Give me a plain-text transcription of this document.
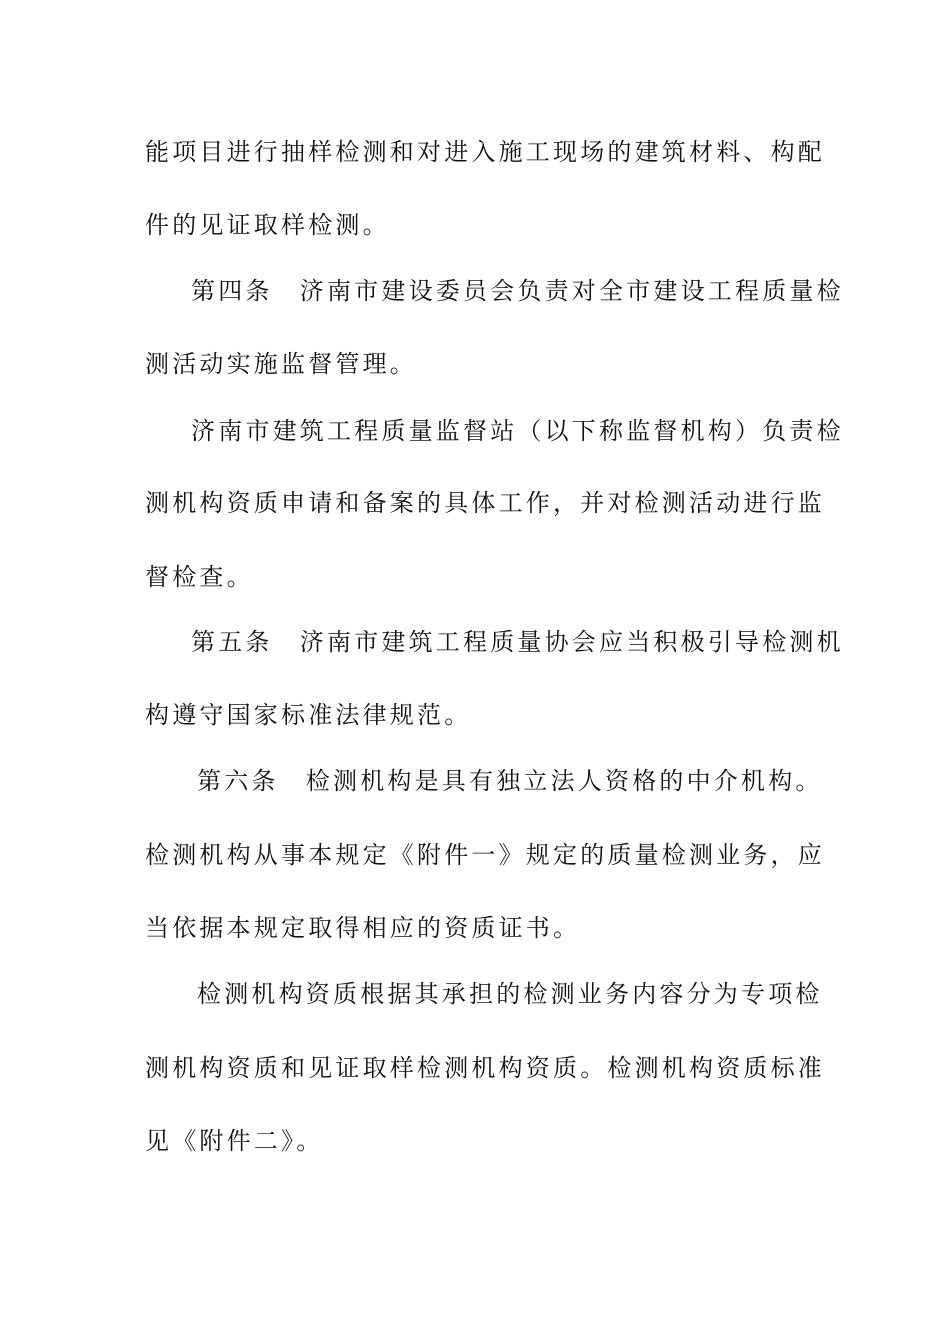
能项目进行抽样检测和对进入施工现场的建筑材料、构配
件的见证取样检测。
第四条　济南市建设委员会负责对全市建设工程质量检
测活动实施监督管理。
济南市建筑工程质量监督站（以下称监督机构）负责检
测机构资质申请和备案的具体工作，并对检测活动进行监
督检查。
第五条　济南市建筑工程质量协会应当积极引导检测机
构遵守国家标准法律规范。
第六条　检测机构是具有独立法人资格的中介机构。
检测机构从事本规定《附件一》规定的质量检测业务，应
当依据本规定取得相应的资质证书。
检测机构资质根据其承担的检测业务内容分为专项检
测机构资质和见证取样检测机构资质。检测机构资质标准
见《附件二》。
